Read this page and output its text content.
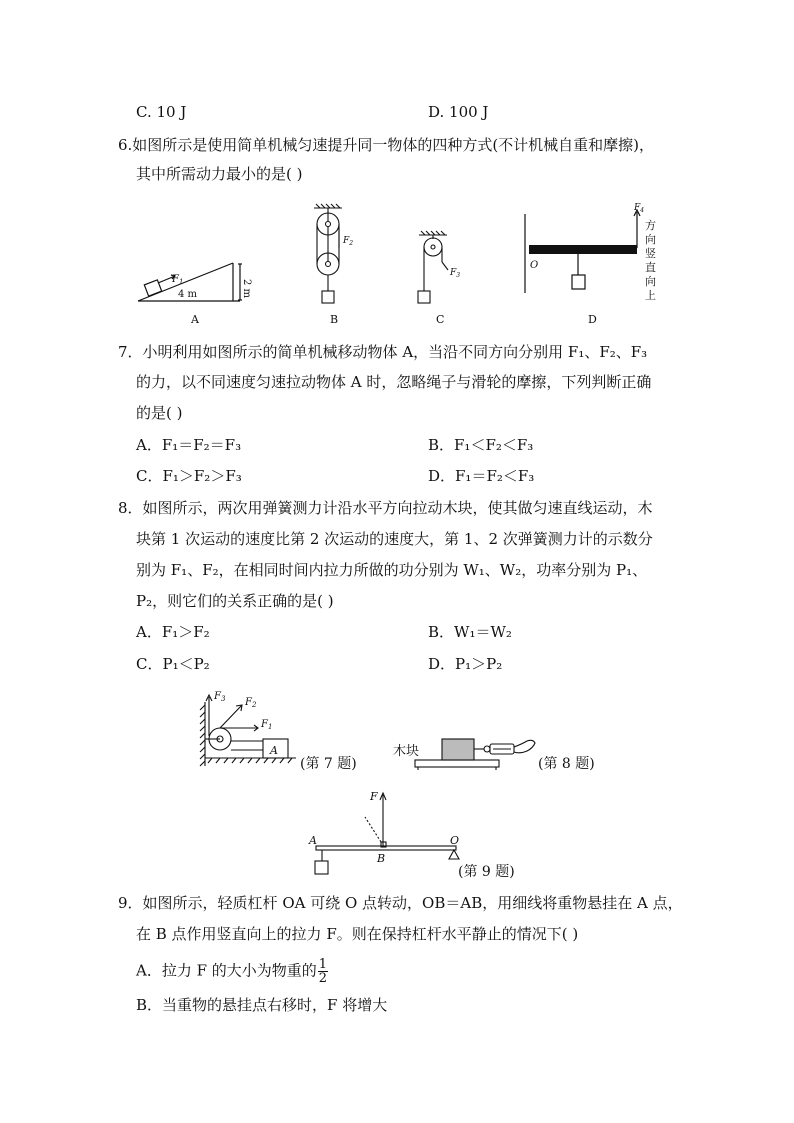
C. 10 J	D. 100 J
6.如图所示是使用简单机械匀速提升同一物体的四种方式(不计机械自重和摩擦)，
其中所需动力最小的是( )
$F_1$
4 m	2 m
A
$F_2$
B
$F_3$
C
$F_4$
O
方
向
竖
直
向
上
D
7．小明利用如图所示的简单机械移动物体 A，当沿不同方向分别用 F₁、F₂、F₃
的力，以不同速度匀速拉动物体 A 时，忽略绳子与滑轮的摩擦，下列判断正确
的是( )
A．F₁＝F₂＝F₃	B．F₁＜F₂＜F₃
C．F₁＞F₂＞F₃	D．F₁＝F₂＜F₃
8．如图所示，两次用弹簧测力计沿水平方向拉动木块，使其做匀速直线运动，木
块第 1 次运动的速度比第 2 次运动的速度大，第 1、2 次弹簧测力计的示数分
别为 F₁、F₂，在相同时间内拉力所做的功分别为 W₁、W₂，功率分别为 P₁、
P₂，则它们的关系正确的是( )
A．F₁＞F₂	B．W₁＝W₂
C．P₁＜P₂	D．P₁＞P₂
$F_3$ $F_2$
$F_1$
A
(第 7 题)
木块
(第 8 题)
F
A
B
O
(第 9 题)
9．如图所示，轻质杠杆 OA 可绕 O 点转动，OB＝AB，用细线将重物悬挂在 A 点，
在 B 点作用竖直向上的拉力 F。则在保持杠杆水平静止的情况下( )
A．拉力 F 的大小为物重的 $\frac{1}{2}$
B．当重物的悬挂点右移时，F 将增大
